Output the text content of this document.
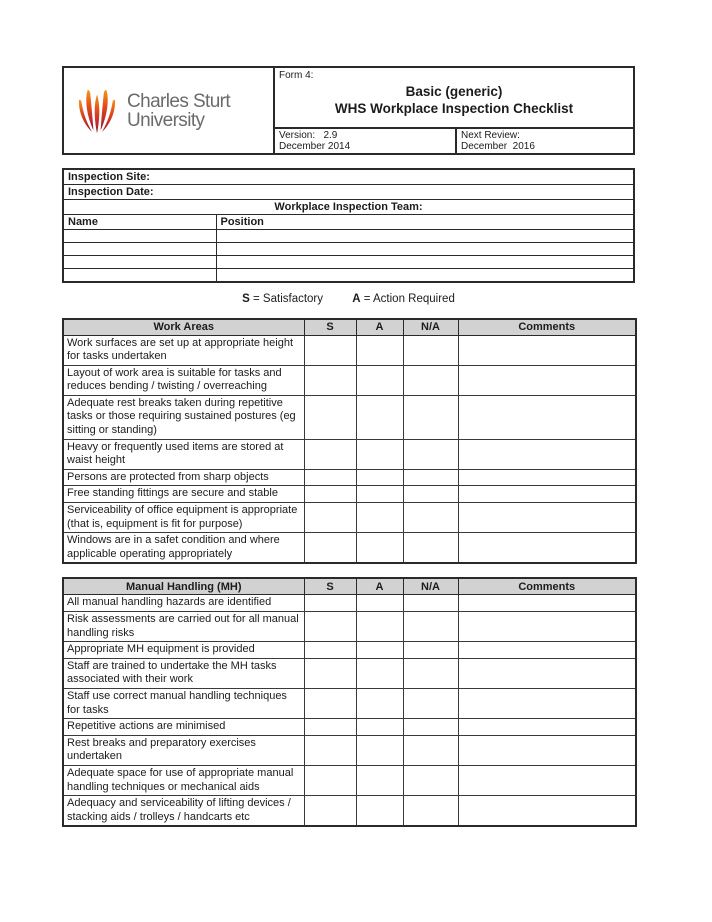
Charles Sturt
University
Form 4:
Basic (generic)
WHS Workplace Inspection Checklist
Version:   2.9
December 2014
Next Review:
December  2016
Inspection Site:	
Inspection Date:	
Workplace Inspection Team:	
Name	Position

S = Satisfactory	A = Action Required
Work Areas	S	A	N/A	Comments
Work surfaces are set up at appropriate height for tasks undertaken				
Layout of work area is suitable for tasks and reduces bending / twisting / overreaching				
Adequate rest breaks taken during repetitive tasks or those requiring sustained postures (eg sitting or standing)				
Heavy or frequently used items are stored at waist height				
Persons are protected from sharp objects				
Free standing fittings are secure and stable				
Serviceability of office equipment is appropriate (that is, equipment is fit for purpose)				
Windows are in a safet condition and where applicable operating appropriately				
Manual Handling (MH)	S	A	N/A	Comments
All manual handling hazards are identified				
Risk assessments are carried out for all manual handling risks				
Appropriate MH equipment is provided				
Staff are trained to undertake the MH tasks associated with their work				
Staff use correct manual handling techniques for tasks				
Repetitive actions are minimised				
Rest breaks and preparatory exercises undertaken				
Adequate space for use of appropriate manual handling techniques or mechanical aids				
Adequacy and serviceability of lifting devices / stacking aids / trolleys / handcarts etc				
